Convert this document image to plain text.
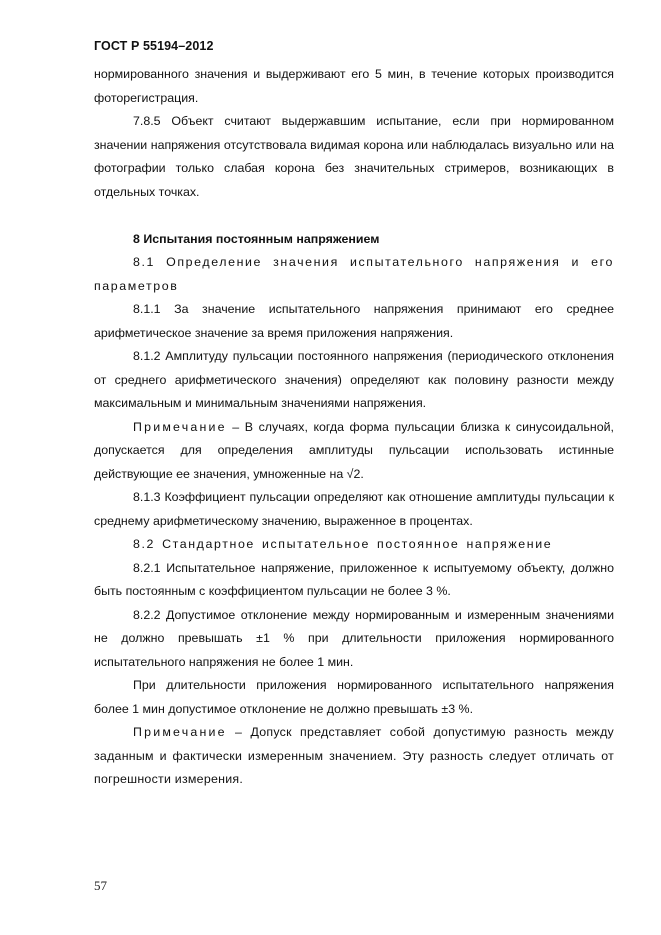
ГОСТ Р 55194–2012

нормированного значения и выдерживают его 5 мин, в течение которых производится фоторегистрация.

7.8.5 Объект считают выдержавшим испытание, если при нормированном значении напряжения отсутствовала видимая корона или наблюдалась визуально или на фотографии только слабая корона без значительных стримеров, возникающих в отдельных точках.

8 Испытания постоянным напряжением

8.1 Определение значения испытательного напряжения и его параметров

8.1.1 За значение испытательного напряжения принимают его среднее арифметическое значение за время приложения напряжения.

8.1.2 Амплитуду пульсации постоянного напряжения (периодического отклонения от среднего арифметического значения) определяют как половину разности между максимальным и минимальным значениями напряжения.

Примечание – В случаях, когда форма пульсации близка к синусоидальной, допускается для определения амплитуды пульсации использовать истинные действующие ее значения, умноженные на √2.

8.1.3 Коэффициент пульсации определяют как отношение амплитуды пульсации к среднему арифметическому значению, выраженное в процентах.

8.2 Стандартное испытательное постоянное напряжение

8.2.1 Испытательное напряжение, приложенное к испытуемому объекту, должно быть постоянным с коэффициентом пульсации не более 3 %.

8.2.2 Допустимое отклонение между нормированным и измеренным значениями не должно превышать ±1 % при длительности приложения нормированного испытательного напряжения не более 1 мин.

При длительности приложения нормированного испытательного напряжения более 1 мин допустимое отклонение не должно превышать ±3 %.

Примечание – Допуск представляет собой допустимую разность между заданным и фактически измеренным значением. Эту разность следует отличать от погрешности измерения.

57
